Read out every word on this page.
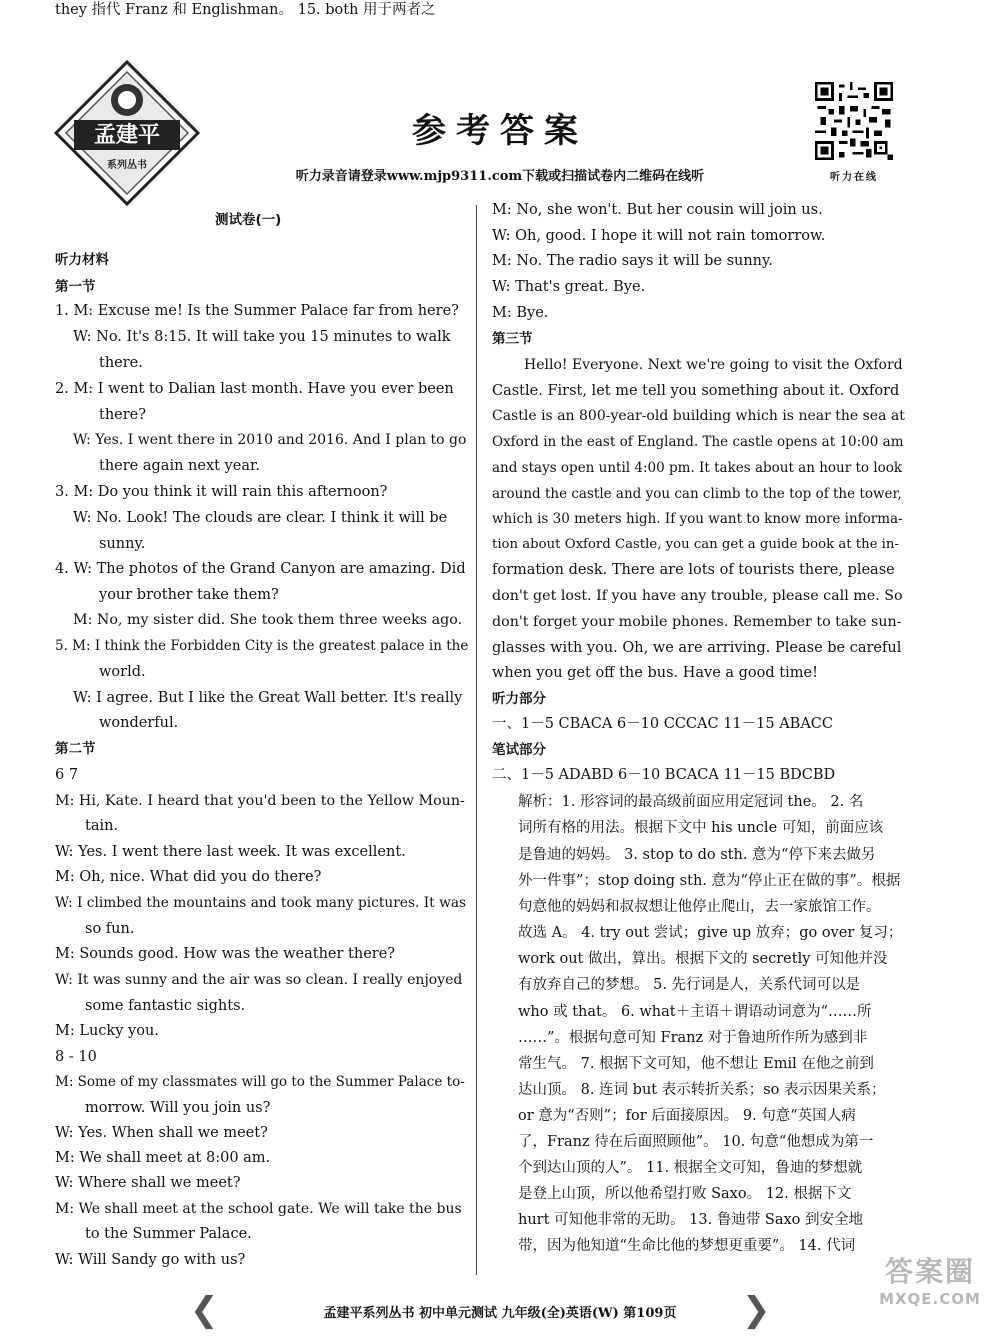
孟建平
系列丛书
参考答案
听力录音请登录www.mjp9311.com下载或扫描试卷内二维码在线听	听力在线
测试卷(一)
听力材料
第一节
1. M: Excuse me! Is the Summer Palace far from here?
W: No. It's 8:15. It will take you 15 minutes to walk
there.
2. M: I went to Dalian last month. Have you ever been
there?
W: Yes. I went there in 2010 and 2016. And I plan to go
there again next year.
3. M: Do you think it will rain this afternoon?
W: No. Look! The clouds are clear. I think it will be
sunny.
4. W: The photos of the Grand Canyon are amazing. Did
your brother take them?
M: No, my sister did. She took them three weeks ago.
5. M: I think the Forbidden City is the greatest palace in the
world.
W: I agree. But I like the Great Wall better. It's really
wonderful.
第二节
6 7
M: Hi, Kate. I heard that you'd been to the Yellow Moun-
tain.
W: Yes. I went there last week. It was excellent.
M: Oh, nice. What did you do there?
W: I climbed the mountains and took many pictures. It was
so fun.
M: Sounds good. How was the weather there?
W: It was sunny and the air was so clean. I really enjoyed
some fantastic sights.
M: Lucky you.
8 - 10
M: Some of my classmates will go to the Summer Palace to-
morrow. Will you join us?
W: Yes. When shall we meet?
M: We shall meet at 8:00 am.
W: Where shall we meet?
M: We shall meet at the school gate. We will take the bus
to the Summer Palace.
W: Will Sandy go with us?
M: No, she won't. But her cousin will join us.
W: Oh, good. I hope it will not rain tomorrow.
M: No. The radio says it will be sunny.
W: That's great. Bye.
M: Bye.
第三节
Hello! Everyone. Next we're going to visit the Oxford
Castle. First, let me tell you something about it. Oxford
Castle is an 800-year-old building which is near the sea at
Oxford in the east of England. The castle opens at 10:00 am
and stays open until 4:00 pm. It takes about an hour to look
around the castle and you can climb to the top of the tower,
which is 30 meters high. If you want to know more informa-
tion about Oxford Castle, you can get a guide book at the in-
formation desk. There are lots of tourists there, please
don't get lost. If you have any trouble, please call me. So
don't forget your mobile phones. Remember to take sun-
glasses with you. Oh, we are arriving. Please be careful
when you get off the bus. Have a good time!
听力部分
一、1－5 CBACA 6－10 CCCAC 11－15 ABACC
笔试部分
二、1－5 ADABD 6－10 BCACA 11－15 BDCBD
解析：1. 形容词的最高级前面应用定冠词 the。 2. 名
词所有格的用法。根据下文中 his uncle 可知，前面应该
是鲁迪的妈妈。 3. stop to do sth. 意为“停下来去做另
外一件事”；stop doing sth. 意为“停止正在做的事”。根据
句意他的妈妈和叔叔想让他停止爬山，去一家旅馆工作。
故选 A。 4. try out 尝试；give up 放弃；go over 复习；
work out 做出，算出。根据下文的 secretly 可知他并没
有放弃自己的梦想。 5. 先行词是人，关系代词可以是
who 或 that。 6. what＋主语＋谓语动词意为“……所
……”。根据句意可知 Franz 对于鲁迪所作所为感到非
常生气。 7. 根据下文可知，他不想让 Emil 在他之前到
达山顶。 8. 连词 but 表示转折关系；so 表示因果关系；
or 意为“否则”；for 后面接原因。 9. 句意“英国人病
了，Franz 待在后面照顾他”。 10. 句意“他想成为第一
个到达山顶的人”。 11. 根据全文可知，鲁迪的梦想就
是登上山顶，所以他希望打败 Saxo。 12. 根据下文
hurt 可知他非常的无助。 13. 鲁迪带 Saxo 到安全地
带，因为他知道“生命比他的梦想更重要”。 14. 代词
they 指代 Franz 和 Englishman。 15. both 用于两者之
❮	孟建平系列丛书 初中单元测试 九年级(全)英语(W) 第109页	❯
答案圈
MXQE.COM
